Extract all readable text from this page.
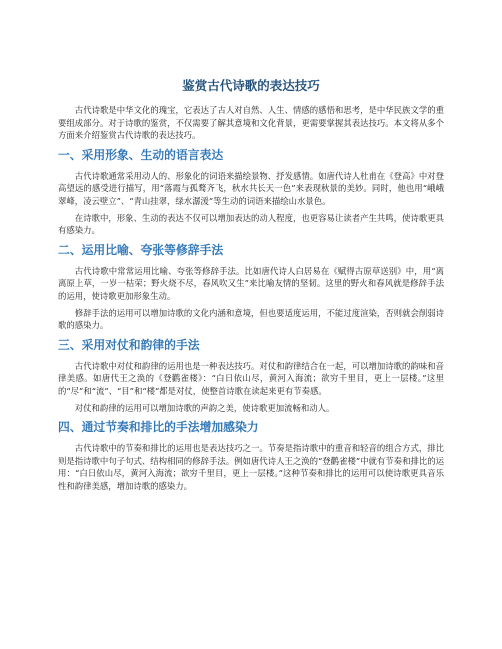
鉴赏古代诗歌的表达技巧

古代诗歌是中华文化的瑰宝，它表达了古人对自然、人生、情感的感悟和思考，是中华民族文学的重要组成部分。对于诗歌的鉴赏，不仅需要了解其意境和文化背景，更需要掌握其表达技巧。本文将从多个方面来介绍鉴赏古代诗歌的表达技巧。

一、采用形象、生动的语言表达

古代诗歌通常采用动人的、形象化的词语来描绘景物、抒发感情。如唐代诗人杜甫在《登高》中对登高望远的感受进行描写，用“落霞与孤鹜齐飞，秋水共长天一色”来表现秋景的美妙。同时，他也用“峨峨翠峰，凌云壁立”、“青山挂翠，绿水潺湲”等生动的词语来描绘山水景色。

在诗歌中，形象、生动的表达不仅可以增加表达的动人程度，也更容易让读者产生共鸣，使诗歌更具有感染力。

二、运用比喻、夸张等修辞手法

古代诗歌中常常运用比喻、夸张等修辞手法。比如唐代诗人白居易在《赋得古原草送别》中，用“离离原上草，一岁一枯荣；野火烧不尽，春风吹又生”来比喻友情的坚韧。这里的野火和春风就是修辞手法的运用，使诗歌更加形象生动。

修辞手法的运用可以增加诗歌的文化内涵和意境，但也要适度运用，不能过度渲染，否则就会削弱诗歌的感染力。

三、采用对仗和韵律的手法

古代诗歌中对仗和韵律的运用也是一种表达技巧。对仗和韵律结合在一起，可以增加诗歌的韵味和音律美感。如唐代王之涣的《登鹳雀楼》：“白日依山尽，黄河入海流；欲穷千里目，更上一层楼。”这里的“尽”和“流”、“目”和“楼”都是对仗，使整首诗歌在读起来更有节奏感。

对仗和韵律的运用可以增加诗歌的声韵之美，使诗歌更加流畅和动人。

四、通过节奏和排比的手法增加感染力

古代诗歌中的节奏和排比的运用也是表达技巧之一。节奏是指诗歌中的重音和轻音的组合方式，排比则是指诗歌中句子句式、结构相同的修辞手法。例如唐代诗人王之涣的“登鹳雀楼”中就有节奏和排比的运用：“白日依山尽，黄河入海流；欲穷千里目，更上一层楼。”这种节奏和排比的运用可以使诗歌更具音乐性和韵律美感，增加诗歌的感染力。
